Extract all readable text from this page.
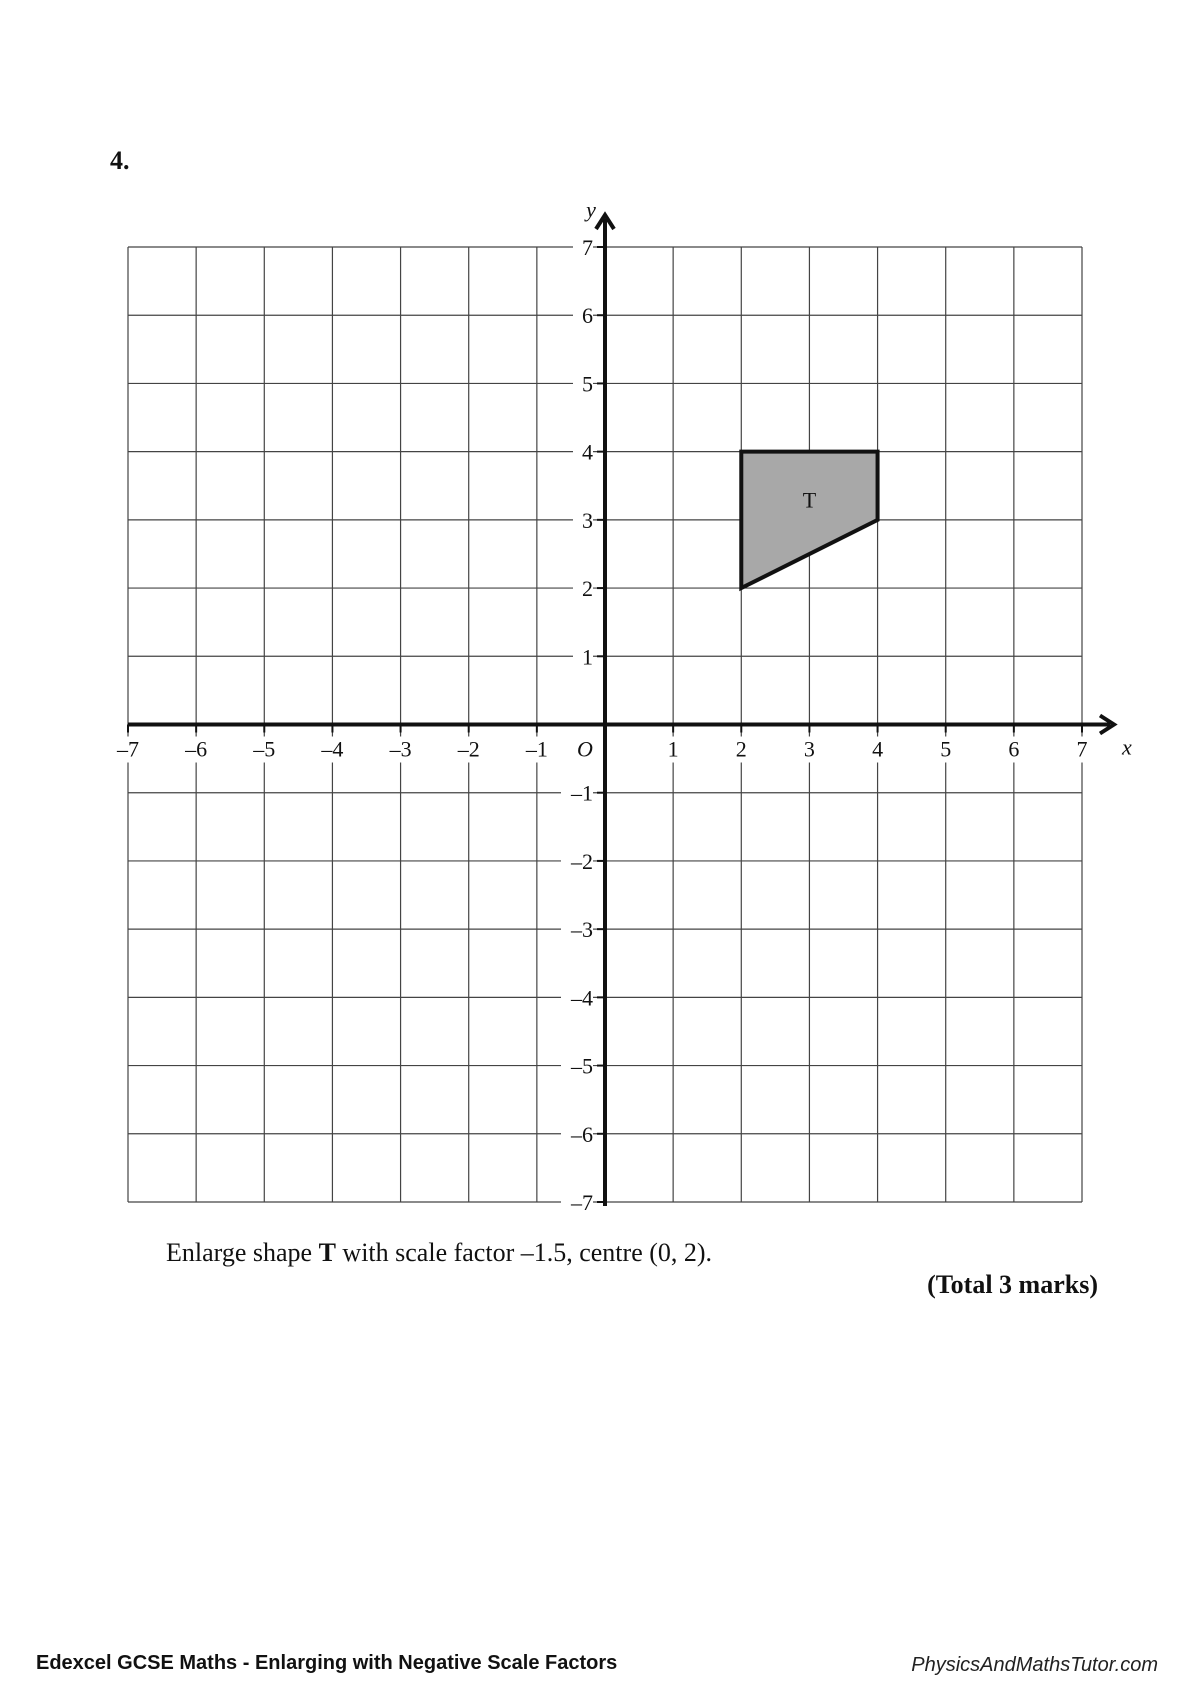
4.
T
–7 –6 –5 –4 –3 –2 –1	1	2	3	4	5	6	7
7
6
5
4
3
2
1
–1
–2
–3
–4
–5
–6
–7
O	x
y
Enlarge shape T with scale factor –1.5, centre (0, 2).
(Total 3 marks)
Edexcel GCSE Maths - Enlarging with Negative Scale Factors	PhysicsAndMathsTutor.com
